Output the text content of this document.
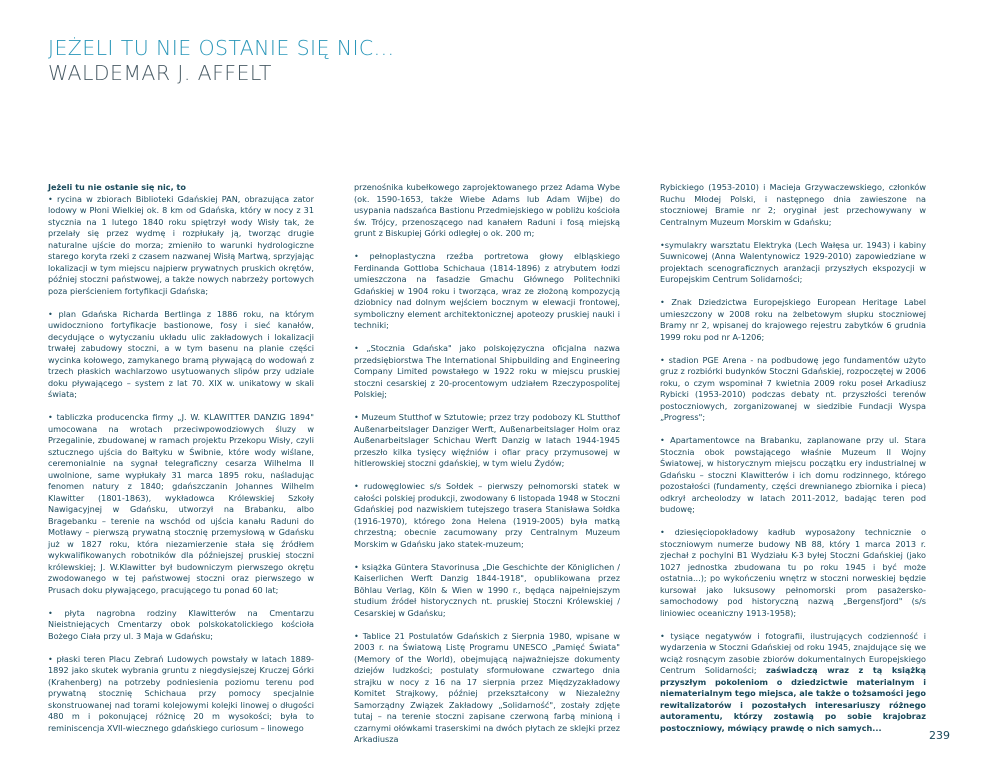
JEŻELI TU NIE OSTANIE SIĘ NIC...
WALDEMAR J. AFFELT
Jeżeli tu nie ostanie się nic, to

• rycina w zbiorach Biblioteki Gdańskiej PAN, obrazująca zator lodowy w Płoni Wielkiej ok. 8 km od Gdańska, który w nocy z 31 stycznia na 1 lutego 1840 roku spiętrzył wody Wisły tak, że przelały się przez wydmę i rozpłukały ją, tworząc drugie naturalne ujście do morza; zmieniło to warunki hydrologiczne starego koryta rzeki z czasem nazwanej Wisłą Martwą, sprzyjając lokalizacji w tym miejscu najpierw prywatnych pruskich okrętów, później stoczni państwowej, a także nowych nabrzeży portowych poza pierścieniem fortyfikacji Gdańska;

• plan Gdańska Richarda Bertlinga z 1886 roku, na którym uwidoczniono fortyfikacje bastionowe, fosy i sieć kanałów, decydujące o wytyczaniu układu ulic zakładowych i lokalizacji trwałej zabudowy stoczni, a w tym basenu na planie części wycinka kołowego, zamykanego bramą pływającą do wodowań z trzech płaskich wachlarzowo usytuowanych slipów przy udziale doku pływającego – system z lat 70. XIX w. unikatowy w skali świata;

• tabliczka producencka firmy „J. W. KLAWITTER DANZIG 1894" umocowana na wrotach przeciwpowodziowych śluzy w Przegalinie, zbudowanej w ramach projektu Przekopu Wisły, czyli sztucznego ujścia do Bałtyku w Świbnie, które wody wiślane, ceremonialnie na sygnał telegraficzny cesarza Wilhelma II uwolnione, same wypłukały 31 marca 1895 roku, naśladując fenomen natury z 1840; gdańszczanin Johannes Wilhelm Klawitter (1801-1863), wykładowca Królewskiej Szkoły Nawigacyjnej w Gdańsku, utworzył na Brabanku, albo Bragebanku – terenie na wschód od ujścia kanału Raduni do Motławy – pierwszą prywatną stocznię przemysłową w Gdańsku już w 1827 roku, która niezamierzenie stała się źródłem wykwalifikowanych robotników dla późniejszej pruskiej stoczni królewskiej; J. W.Klawitter był budowniczym pierwszego okrętu zwodowanego w tej państwowej stoczni oraz pierwszego w Prusach doku pływającego, pracującego tu ponad 60 lat;

• płyta nagrobna rodziny Klawitterów na Cmentarzu Nieistniejących Cmentarzy obok polskokatolickiego kościoła Bożego Ciała przy ul. 3 Maja w Gdańsku;

• płaski teren Placu Zebrań Ludowych powstały w latach 1889-1892 jako skutek wybrania gruntu z niegdysiejszej Kruczej Górki (Krahenberg) na potrzeby podniesienia poziomu terenu pod prywatną stocznię Schichaua przy pomocy specjalnie skonstruowanej nad torami kolejowymi kolejki linowej o długości 480 m i pokonującej różnicę 20 m wysokości; była to reminiscencja XVII-wiecznego gdańskiego curiosum – linowego

przenośnika kubełkowego zaprojektowanego przez Adama Wybe (ok. 1590-1653, także Wiebe Adams lub Adam Wijbe) do usypania nadszańca Bastionu Przedmiejskiego w pobliżu kościoła św. Trójcy, przenoszącego nad kanałem Raduni i fosą miejską grunt z Biskupiej Górki odległej o ok. 200 m;

• pełnoplastyczna rzeźba portretowa głowy elbląskiego Ferdinanda Gottloba Schichaua (1814-1896) z atrybutem łodzi umieszczona na fasadzie Gmachu Głównego Politechniki Gdańskiej w 1904 roku i tworząca, wraz ze złożoną kompozycją dziobnicy nad dolnym wejściem bocznym w elewacji frontowej, symboliczny element architektonicznej apoteozy pruskiej nauki i techniki;

• „Stocznia Gdańska" jako polskojęzyczna oficjalna nazwa przedsiębiorstwa The International Shipbuilding and Engineering Company Limited powstałego w 1922 roku w miejscu pruskiej stoczni cesarskiej z 20-procentowym udziałem Rzeczypospolitej Polskiej;

• Muzeum Stutthof w Sztutowie; przez trzy podobozy KL Stutthof Außenarbeitslager Danziger Werft, Außenarbeitslager Holm oraz Außenarbeitslager Schichau Werft Danzig w latach 1944-1945 przeszło kilka tysięcy więźniów i ofiar pracy przymusowej w hitlerowskiej stoczni gdańskiej, w tym wielu Żydów;

• rudowęglowiec s/s Sołdek – pierwszy pełnomorski statek w całości polskiej produkcji, zwodowany 6 listopada 1948 w Stoczni Gdańskiej pod nazwiskiem tutejszego trasera Stanisława Sołdka (1916-1970), którego żona Helena (1919-2005) była matką chrzestną; obecnie zacumowany przy Centralnym Muzeum Morskim w Gdańsku jako statek-muzeum;

• książka Güntera Stavorinusa „Die Geschichte der Königlichen / Kaiserlichen Werft Danzig 1844-1918", opublikowana przez Böhlau Verlag, Köln & Wien w 1990 r., będąca najpełniejszym studium źródeł historycznych nt. pruskiej Stoczni Królewskiej / Cesarskiej w Gdańsku;

• Tablice 21 Postulatów Gdańskich z Sierpnia 1980, wpisane w 2003 r. na Światową Listę Programu UNESCO „Pamięć Świata" (Memory of the World), obejmującą najważniejsze dokumenty dziejów ludzkości; postulaty sformułowane czwartego dnia strajku w nocy z 16 na 17 sierpnia przez Międzyzakładowy Komitet Strajkowy, później przekształcony w Niezależny Samorządny Związek Zakładowy „Solidarność", zostały zdjęte tutaj – na terenie stoczni zapisane czerwoną farbą minioną i czarnymi ołówkami traserskimi na dwóch płytach ze sklejki przez Arkadiusza

Rybickiego (1953-2010) i Macieja Grzywaczewskiego, członków Ruchu Młodej Polski, i następnego dnia zawieszone na stoczniowej Bramie nr 2; oryginał jest przechowywany w Centralnym Muzeum Morskim w Gdańsku;

•symulakry warsztatu Elektryka (Lech Wałęsa ur. 1943) i kabiny Suwnicowej (Anna Walentynowicz 1929-2010) zapowiedziane w projektach scenograficznych aranżacji przyszłych ekspozycji w Europejskim Centrum Solidarności;

• Znak Dziedzictwa Europejskiego European Heritage Label umieszczony w 2008 roku na żelbetowym słupku stoczniowej Bramy nr 2, wpisanej do krajowego rejestru zabytków 6 grudnia 1999 roku pod nr A-1206;

• stadion PGE Arena - na podbudowę jego fundamentów użyto gruz z rozbiórki budynków Stoczni Gdańskiej, rozpoczętej w 2006 roku, o czym wspominał 7 kwietnia 2009 roku poseł Arkadiusz Rybicki (1953-2010) podczas debaty nt. przyszłości terenów postoczniowych, zorganizowanej w siedzibie Fundacji Wyspa „Progress";

• Apartamentowce na Brabanku, zaplanowane przy ul. Stara Stocznia obok powstającego właśnie Muzeum II Wojny Światowej, w historycznym miejscu początku ery industrialnej w Gdańsku – stoczni Klawitterów i ich domu rodzinnego, którego pozostałości (fundamenty, części drewnianego zbiornika i pieca) odkrył archeolodzy w latach 2011-2012, badając teren pod budowę;

• dziesięciopokładowy kadłub wyposażony technicznie o stoczniowym numerze budowy NB 88, który 1 marca 2013 r. zjechał z pochylni B1 Wydziału K-3 byłej Stoczni Gdańskiej (jako 1027 jednostka zbudowana tu po roku 1945 i być może ostatnia...); po wykończeniu wnętrz w stoczni norweskiej będzie kursował jako luksusowy pełnomorski prom pasażersko-samochodowy pod historyczną nazwą „Bergensfjord" (s/s liniowiec oceaniczny 1913-1958);

• tysiące negatywów i fotografii, ilustrujących codzienność i wydarzenia w Stoczni Gdańskiej od roku 1945, znajdujące się we wciąż rosnącym zasobie zbiorów dokumentalnych Europejskiego Centrum Solidarności; zaświadczą wraz z tą książką przyszłym pokoleniom o dziedzictwie materialnym i niematerialnym tego miejsca, ale także o tożsamości jego rewitalizatorów i pozostałych interesariuszy różnego autoramentu, którzy zostawią po sobie krajobraz postoczniowy, mówiący prawdę o nich samych...

239
